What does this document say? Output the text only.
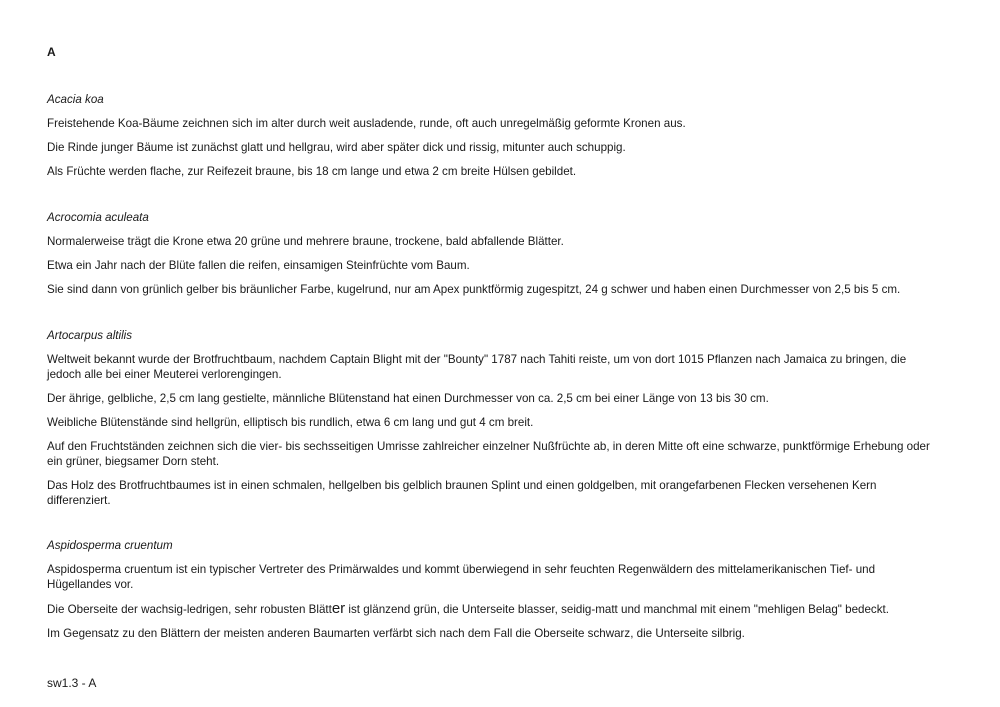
A

Acacia koa

Freistehende Koa-Bäume zeichnen sich im alter durch weit ausladende, runde, oft auch unregelmäßig geformte Kronen aus.

Die Rinde junger Bäume ist zunächst glatt und hellgrau, wird aber später dick und rissig, mitunter auch schuppig.

Als Früchte werden flache, zur Reifezeit braune, bis 18 cm lange und etwa 2 cm breite Hülsen gebildet.

Acrocomia aculeata

Normalerweise trägt die Krone etwa 20 grüne und mehrere braune, trockene, bald abfallende Blätter.

Etwa ein Jahr nach der Blüte fallen die reifen, einsamigen Steinfrüchte vom Baum.

Sie sind dann von grünlich gelber bis bräunlicher Farbe, kugelrund, nur am Apex punktförmig zugespitzt, 24 g schwer und haben einen Durchmesser von 2,5 bis 5 cm.

Artocarpus altilis

Weltweit bekannt wurde der Brotfruchtbaum, nachdem Captain Blight mit der "Bounty" 1787 nach Tahiti reiste, um von dort 1015 Pflanzen nach Jamaica zu bringen, die jedoch alle bei einer Meuterei verlorengingen.

Der ährige, gelbliche, 2,5 cm lang gestielte, männliche Blütenstand hat einen Durchmesser von ca. 2,5 cm bei einer Länge von 13 bis 30 cm.

Weibliche Blütenstände sind hellgrün, elliptisch bis rundlich, etwa 6 cm lang und gut 4 cm breit.

Auf den Fruchtständen zeichnen sich die vier- bis sechsseitigen Umrisse zahlreicher einzelner Nußfrüchte ab, in deren Mitte oft eine schwarze, punktförmige Erhebung oder ein grüner, biegsamer Dorn steht.

Das Holz des Brotfruchtbaumes ist in einen schmalen, hellgelben bis gelblich braunen Splint und einen goldgelben, mit orangefarbenen Flecken versehenen Kern differenziert.

Aspidosperma cruentum

Aspidosperma cruentum ist ein typischer Vertreter des Primärwaldes und kommt überwiegend in sehr feuchten Regenwäldern des mittelamerikanischen Tief- und Hügellandes vor.

Die Oberseite der wachsig-ledrigen, sehr robusten Blätter ist glänzend grün, die Unterseite blasser, seidig-matt und manchmal mit einem "mehligen Belag" bedeckt.

Im Gegensatz zu den Blättern der meisten anderen Baumarten verfärbt sich nach dem Fall die Oberseite schwarz, die Unterseite silbrig.

sw1.3 - A
